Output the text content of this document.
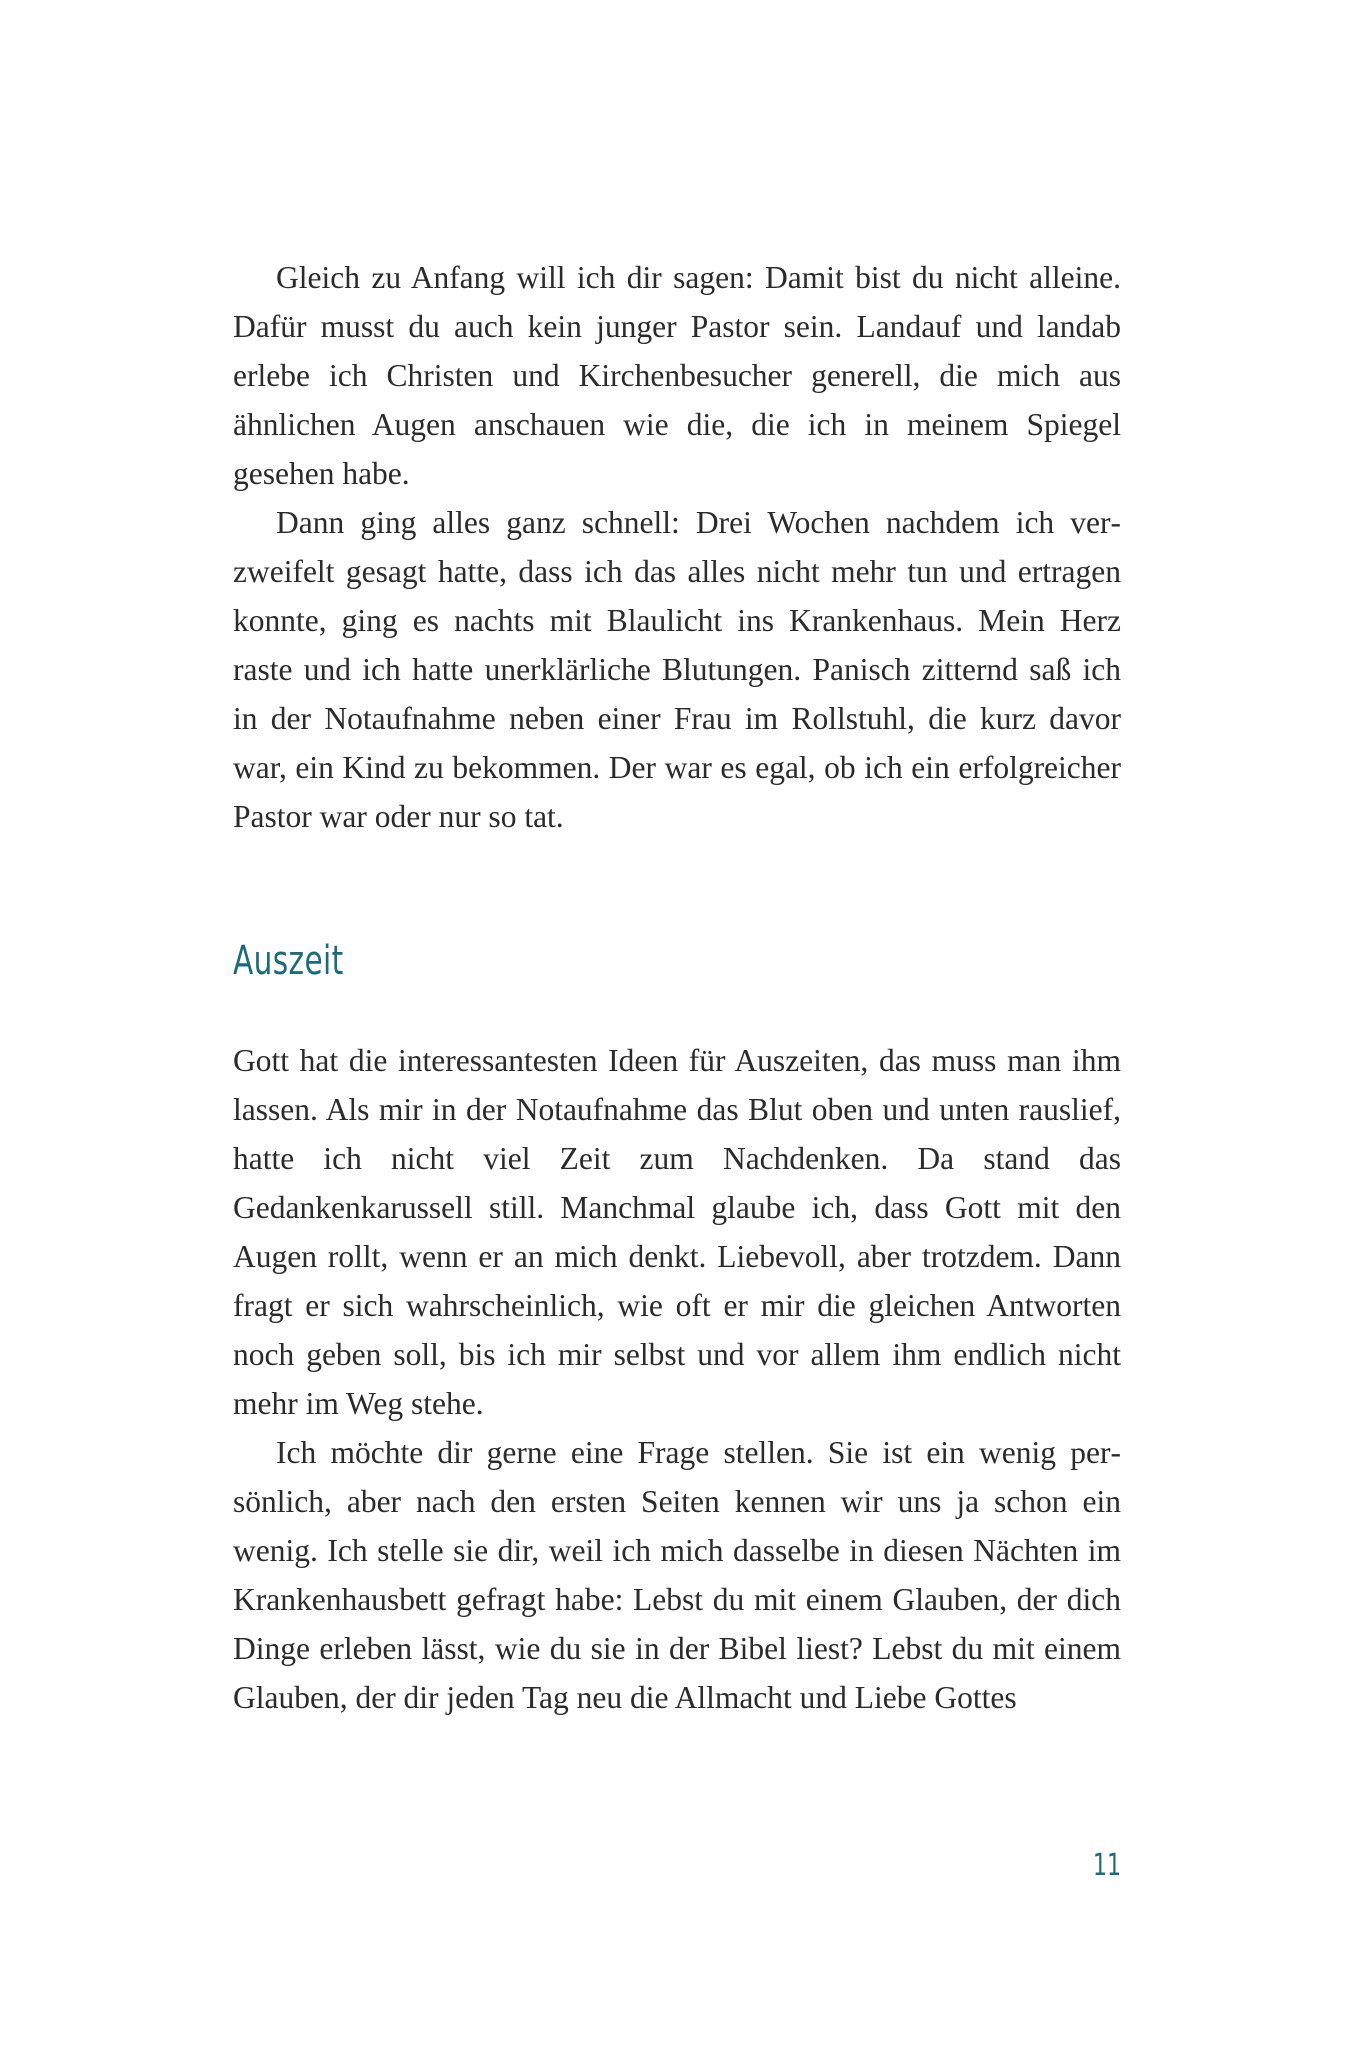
Gleich zu Anfang will ich dir sagen: Damit bist du nicht alleine. Dafür musst du auch kein junger Pastor sein. Landauf und landab erlebe ich Christen und Kirchenbesucher generell, die mich aus ähnlichen Augen anschauen wie die, die ich in meinem Spiegel gesehen habe.

Dann ging alles ganz schnell: Drei Wochen nachdem ich verzweifelt gesagt hatte, dass ich das alles nicht mehr tun und ertragen konnte, ging es nachts mit Blaulicht ins Krankenhaus. Mein Herz raste und ich hatte unerklärliche Blutungen. Panisch zitternd saß ich in der Notaufnahme neben einer Frau im Rollstuhl, die kurz davor war, ein Kind zu bekommen. Der war es egal, ob ich ein erfolgreicher Pastor war oder nur so tat.

Auszeit

Gott hat die interessantesten Ideen für Auszeiten, das muss man ihm lassen. Als mir in der Notaufnahme das Blut oben und unten rauslief, hatte ich nicht viel Zeit zum Nachdenken. Da stand das Gedankenkarussell still. Manchmal glaube ich, dass Gott mit den Augen rollt, wenn er an mich denkt. Liebevoll, aber trotzdem. Dann fragt er sich wahrscheinlich, wie oft er mir die gleichen Antworten noch geben soll, bis ich mir selbst und vor allem ihm endlich nicht mehr im Weg stehe.

Ich möchte dir gerne eine Frage stellen. Sie ist ein wenig persönlich, aber nach den ersten Seiten kennen wir uns ja schon ein wenig. Ich stelle sie dir, weil ich mich dasselbe in diesen Nächten im Krankenhausbett gefragt habe: Lebst du mit einem Glauben, der dich Dinge erleben lässt, wie du sie in der Bibel liest? Lebst du mit einem Glauben, der dir jeden Tag neu die Allmacht und Liebe Gottes

11
